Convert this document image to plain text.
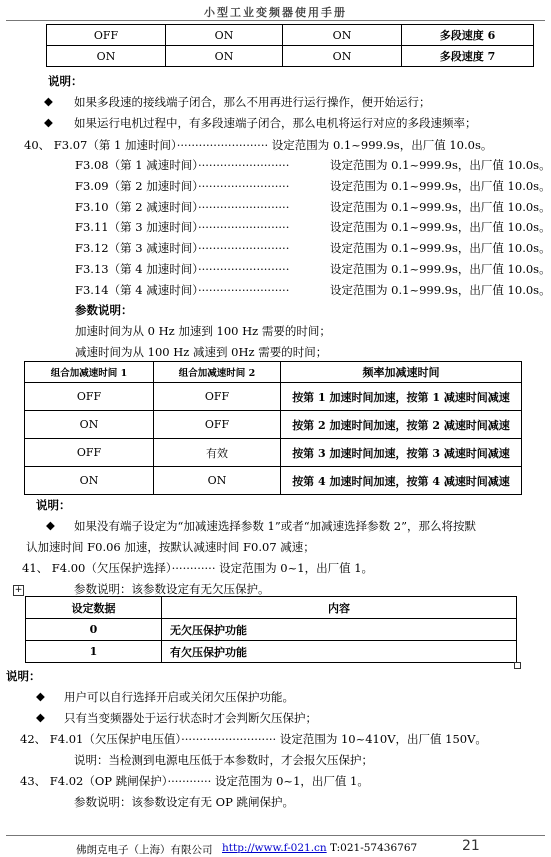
小型工业变频器使用手册
OFF	ON	ON	多段速度 6
ON	ON	ON	多段速度 7
说明：
◆ 如果多段速的接线端子闭合，那么不用再进行运行操作，便开始运行；
◆ 如果运行电机过程中，有多段速端子闭合，那么电机将运行对应的多段速频率；
40、 F3.07（第 1 加速时间）························· 设定范围为 0.1~999.9s，出厂值 10.0s。
F3.08（第 1 减速时间）·························	设定范围为 0.1~999.9s，出厂值 10.0s。
F3.09（第 2 加速时间）·························	设定范围为 0.1~999.9s，出厂值 10.0s。
F3.10（第 2 减速时间）·························	设定范围为 0.1~999.9s，出厂值 10.0s。
F3.11（第 3 加速时间）·························	设定范围为 0.1~999.9s，出厂值 10.0s。
F3.12（第 3 减速时间）·························	设定范围为 0.1~999.9s，出厂值 10.0s。
F3.13（第 4 加速时间）·························	设定范围为 0.1~999.9s，出厂值 10.0s。
F3.14（第 4 减速时间）·························	设定范围为 0.1~999.9s，出厂值 10.0s。
参数说明：
加速时间为从 0 Hz 加速到 100 Hz 需要的时间；
减速时间为从 100 Hz 减速到 0Hz 需要的时间；
组合加减速时间 1	组合加减速时间 2	频率加减速时间
OFF	OFF	按第 1 加速时间加速，按第 1 减速时间减速
ON	OFF	按第 2 加速时间加速，按第 2 减速时间减速
OFF	有效	按第 3 加速时间加速，按第 3 减速时间减速
ON	ON	按第 4 加速时间加速，按第 4 减速时间减速
说明：
◆ 如果没有端子设定为“加减速选择参数 1”或者“加减速选择参数 2”，那么将按默
认加速时间 F0.06 加速，按默认减速时间 F0.07 减速；
41、 F4.00（欠压保护选择）············ 设定范围为 0~1，出厂值 1。
+	参数说明：该参数设定有无欠压保护。
设定数据	内容
0	无欠压保护功能
1	有欠压保护功能
说明：
◆ 用户可以自行选择开启或关闭欠压保护功能。
◆ 只有当变频器处于运行状态时才会判断欠压保护；
42、 F4.01（欠压保护电压值）·························· 设定范围为 10~410V，出厂值 150V。
说明：当检测到电源电压低于本参数时，才会报欠压保护；
43、 F4.02（OP 跳闸保护）············ 设定范围为 0~1，出厂值 1。
参数说明：该参数设定有无 OP 跳闸保护。
佛朗克电子（上海）有限公司 http://www.f-021.cn T:021-57436767	21
